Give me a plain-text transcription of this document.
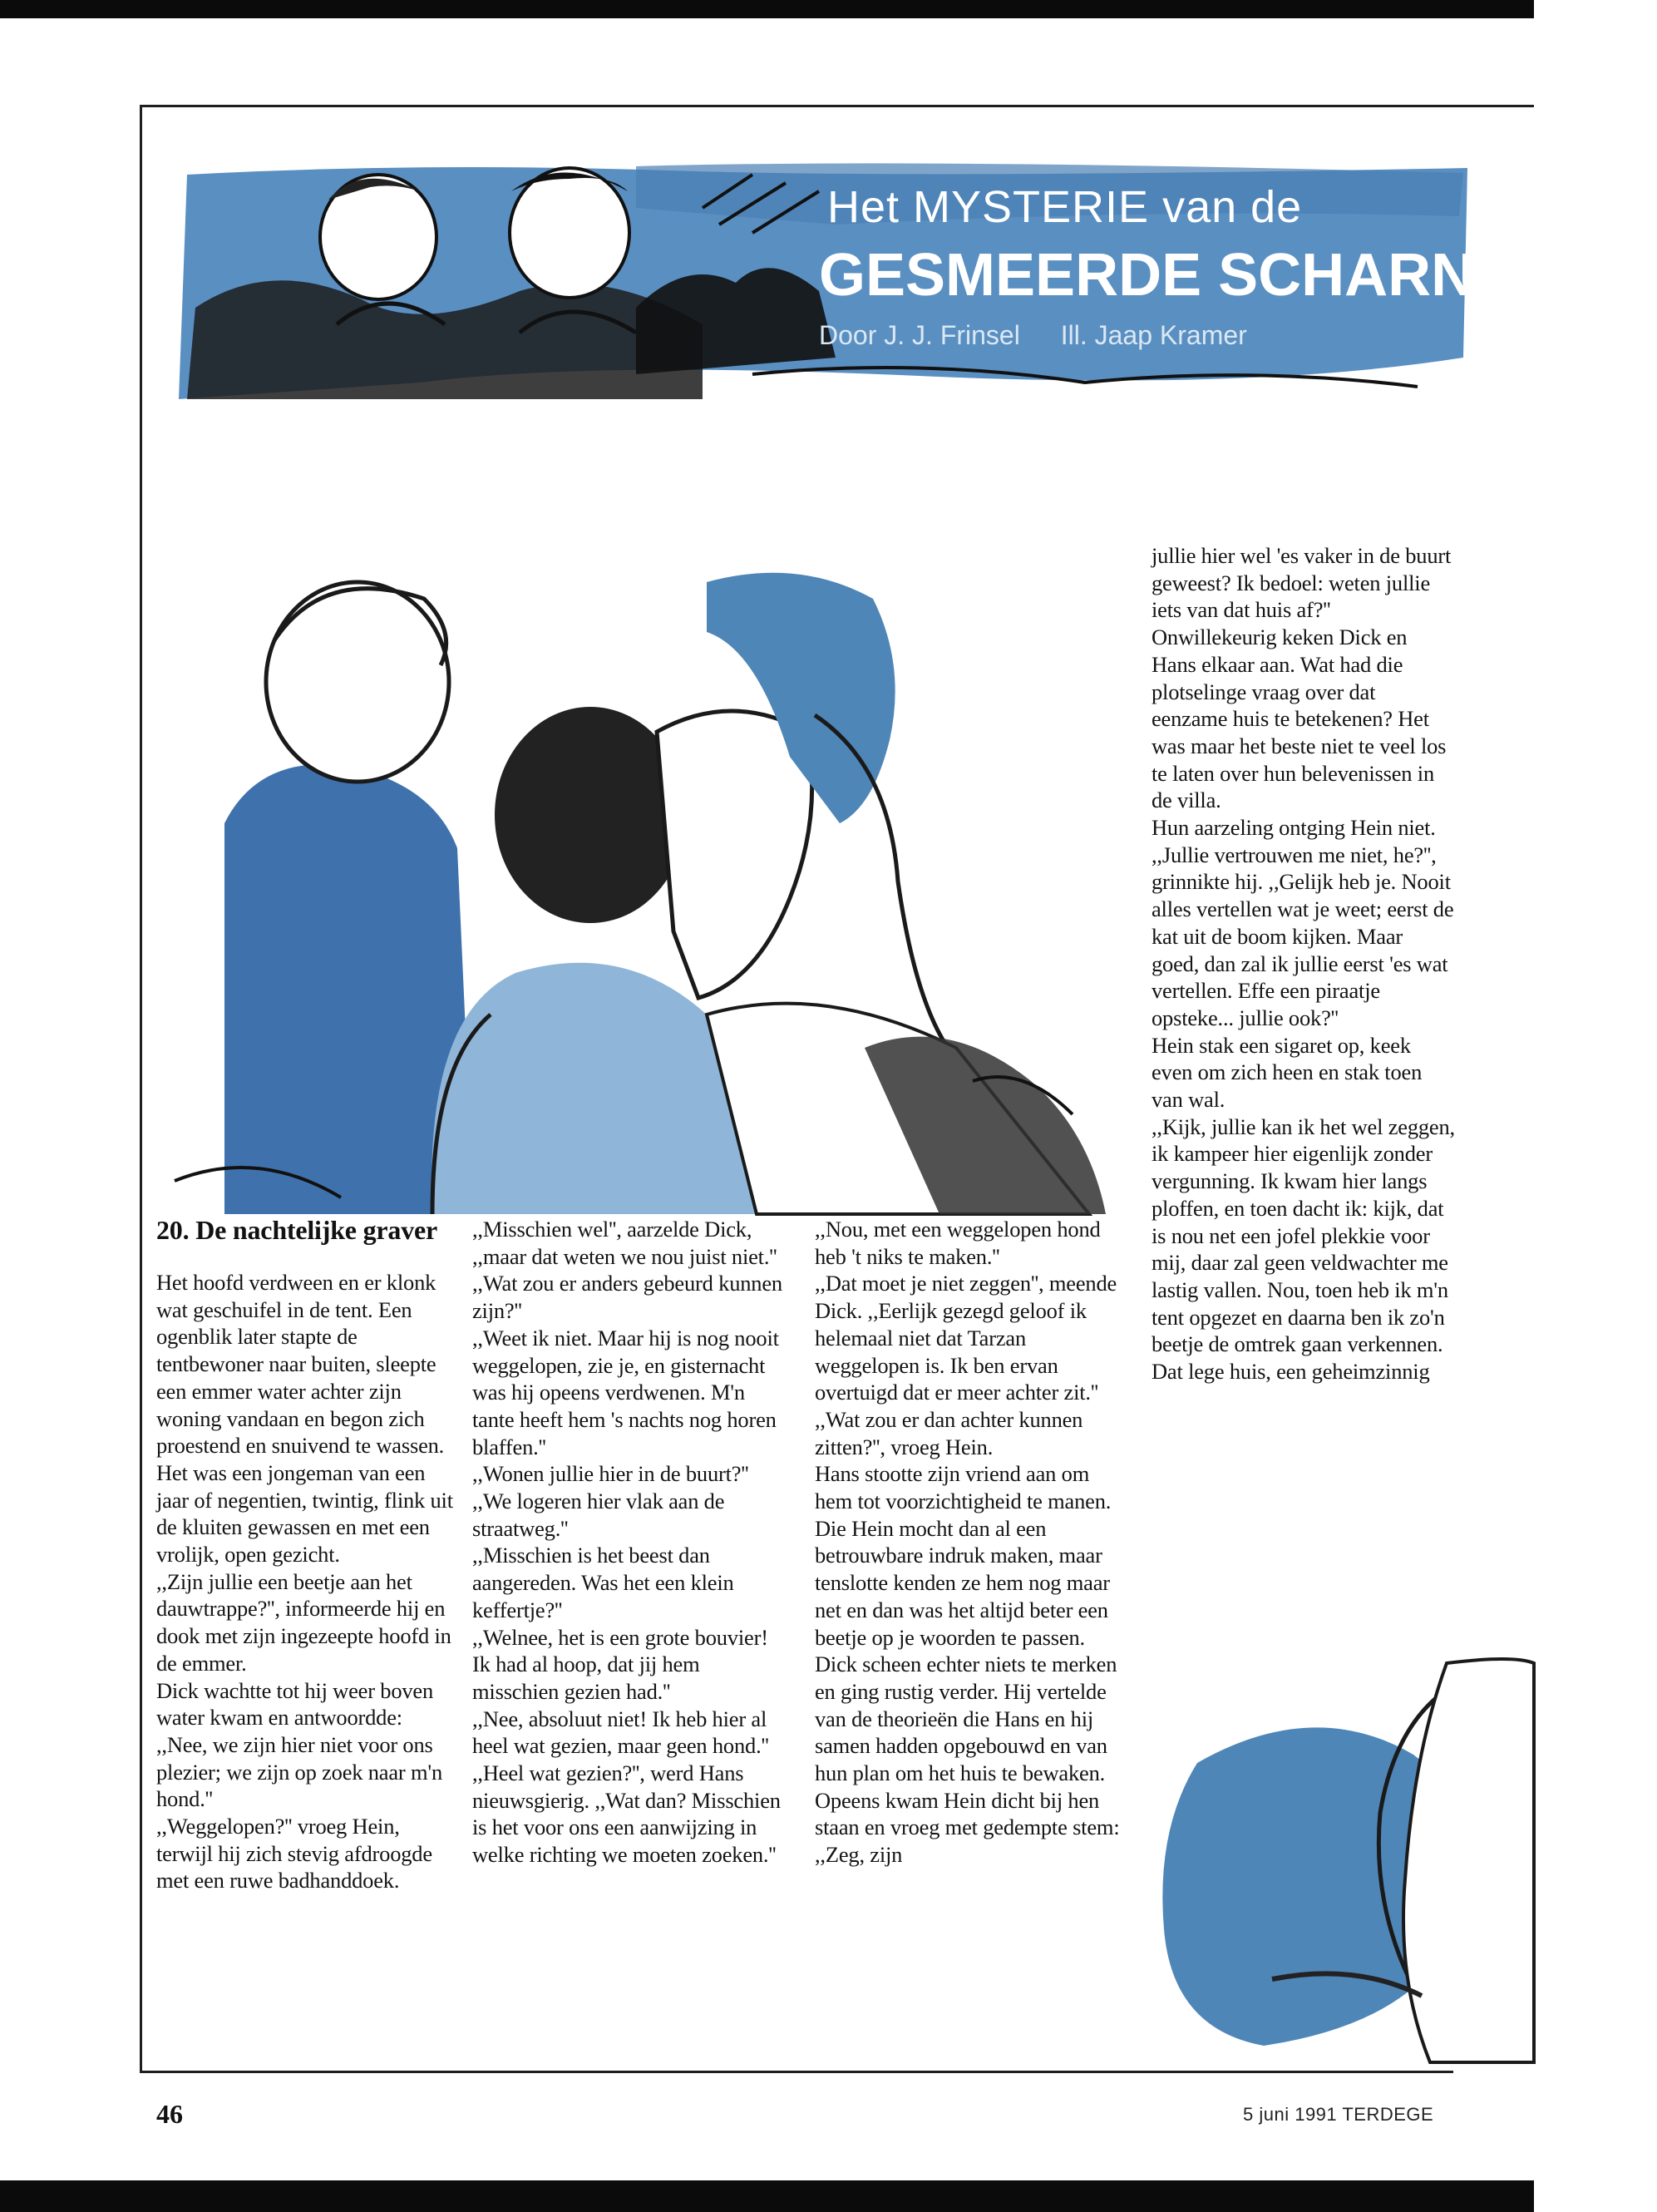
Het MYSTERIE van de
GESMEERDE SCHARNIEREN
Door J. J. Frinsel Ill. Jaap Kramer
20. De nachtelijke graver

Het hoofd verdween en er klonk wat geschuifel in de tent. Een ogenblik later stapte de tentbewoner naar buiten, sleepte een emmer water achter zijn woning vandaan en begon zich proestend en snuivend te wassen. Het was een jongeman van een jaar of negentien, twintig, flink uit de kluiten gewassen en met een vrolijk, open gezicht.

,,Zijn jullie een beetje aan het dauwtrappe?'', informeerde hij en dook met zijn ingezeepte hoofd in de emmer.

Dick wachtte tot hij weer boven water kwam en antwoordde: ,,Nee, we zijn hier niet voor ons plezier; we zijn op zoek naar m'n hond.''

,,Weggelopen?'' vroeg Hein, terwijl hij zich stevig afdroogde met een ruwe badhanddoek.

,,Misschien wel'', aarzelde Dick, ,,maar dat weten we nou juist niet.''

,,Wat zou er anders gebeurd kunnen zijn?''

,,Weet ik niet. Maar hij is nog nooit weggelopen, zie je, en gisternacht was hij opeens verdwenen. M'n tante heeft hem 's nachts nog horen blaffen.''

,,Wonen jullie hier in de buurt?''

,,We logeren hier vlak aan de straatweg.''

,,Misschien is het beest dan aangereden. Was het een klein keffertje?''

,,Welnee, het is een grote bouvier! Ik had al hoop, dat jij hem misschien gezien had.''

,,Nee, absoluut niet! Ik heb hier al heel wat gezien, maar geen hond.''

,,Heel wat gezien?'', werd Hans nieuwsgierig. ,,Wat dan? Misschien is het voor ons een aanwijzing in welke richting we moeten zoeken.''

,,Nou, met een weggelopen hond heb 't niks te maken.''

,,Dat moet je niet zeggen'', meende Dick. ,,Eerlijk gezegd geloof ik helemaal niet dat Tarzan weggelopen is. Ik ben ervan overtuigd dat er meer achter zit.''

,,Wat zou er dan achter kunnen zitten?'', vroeg Hein.

Hans stootte zijn vriend aan om hem tot voorzichtigheid te manen. Die Hein mocht dan al een betrouwbare indruk maken, maar tenslotte kenden ze hem nog maar net en dan was het altijd beter een beetje op je woorden te passen. Dick scheen echter niets te merken en ging rustig verder. Hij vertelde van de theorieën die Hans en hij samen hadden opgebouwd en van hun plan om het huis te bewaken.

Opeens kwam Hein dicht bij hen staan en vroeg met gedempte stem: ,,Zeg, zijn

jullie hier wel 'es vaker in de buurt geweest? Ik bedoel: weten jullie iets van dat huis af?''

Onwillekeurig keken Dick en Hans elkaar aan. Wat had die plotselinge vraag over dat eenzame huis te betekenen? Het was maar het beste niet te veel los te laten over hun belevenissen in de villa.

Hun aarzeling ontging Hein niet.

,,Jullie vertrouwen me niet, he?'', grinnikte hij. ,,Gelijk heb je. Nooit alles vertellen wat je weet; eerst de kat uit de boom kijken. Maar goed, dan zal ik jullie eerst 'es wat vertellen. Effe een piraatje opsteke... jullie ook?''

Hein stak een sigaret op, keek even om zich heen en stak toen van wal.

,,Kijk, jullie kan ik het wel zeggen, ik kampeer hier eigenlijk zonder vergunning. Ik kwam hier langs ploffen, en toen dacht ik: kijk, dat is nou net een jofel plekkie voor mij, daar zal geen veldwachter me lastig vallen. Nou, toen heb ik m'n tent opgezet en daarna ben ik zo'n beetje de omtrek gaan verkennen. Dat lege huis, een geheimzinnig

46	5 juni 1991 TERDEGE
